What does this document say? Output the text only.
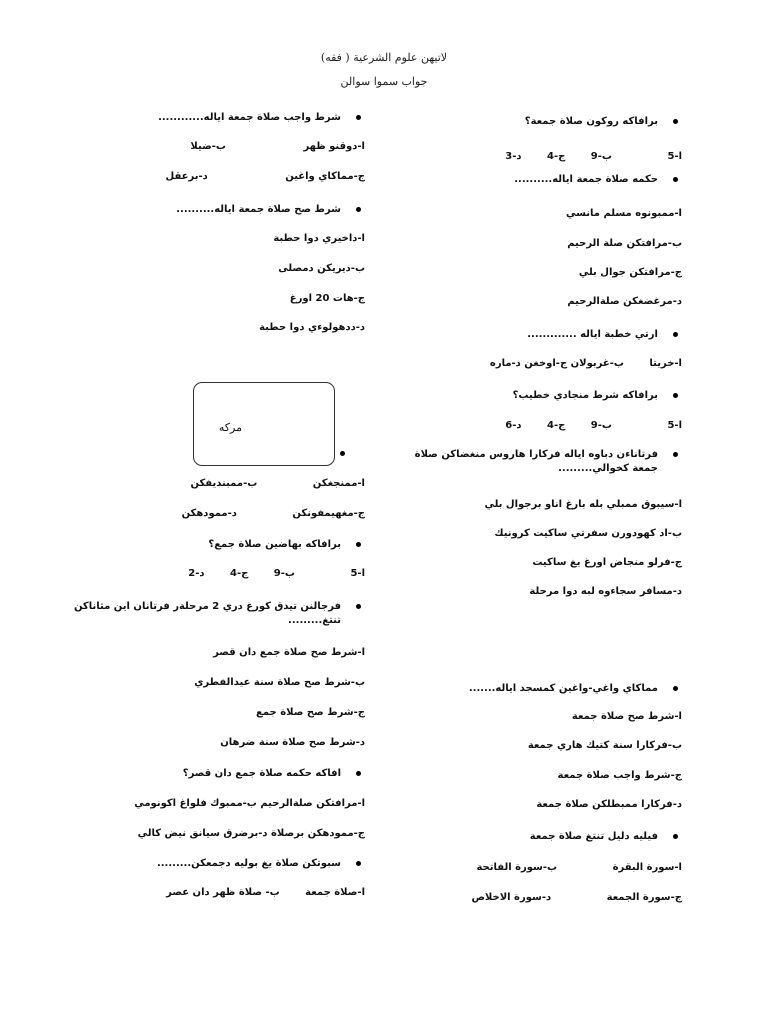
لاتيهن علوم الشرعية ( فقه)
جواب سموا سوالن
برافاكه روكون صلاة جمعة؟
ا-5 ب-9 ج-4 د-3
حكمه صلاة جمعة اياله..........
ا-ممبونوه مسلم مانسي
ب-مرافتكن صلة الرحيم
ج-مرافتكن جوال بلي
د-مرغضغكن صلةالرحيم
ارتي خطبة اياله .............
ا-خريتا ب-غربولان ج-اوخغن د-ماره
برافاكه شرط منجادي خطيب؟
ا-5 ب-9 ج-4 د-6
فرتاناءن دباوه اياله فركارا هاروس منغضاكن صلاة
جمعة كخوالي.........
ا-سيبوق ممبلي بله بارغ اناو برجوال بلي
ب-اد كهودورن سفرتي ساكيت كرونيك
ج-فرلو منجاض اورغ يغ ساكيت
د-مسافر سجاءوه لبه دوا مرحلة
مماكاي واغي-واغين كمسجد اياله.......
ا-شرط صح صلاة جمعة
ب-فركارا سنة كتيك هاري جمعة
ج-شرط واجب صلاة جمعة
د-فركارا ممبطلكن صلاة جمعة
فيليه دليل تنتغ صلاة جمعة
ا-سورة البقرة ب-سورة الفاتحة
ج-سورة الجمعة د-سورة الاخلاص
شرط واجب صلاة جمعة اياله............
ا-دوقنو ظهر ب-ضيلا
ج-مماكاي واغين د-برعقل
شرط صح صلاة جمعة اياله..........
ا-داخيري دوا حطبة
ب-ديريكن دمصلى
ج-هات 20 اورغ
د-ددهولوءي دوا حطبة
ا-ممنجغكن ب-ممبنديفكن
ج-مغهيمفونكن د-ممودهكن
برافاكه بهاضين صلاة جمع؟
ا-5 ب-9 ج-4 د-2
فرجالنن تيدق كورغ دري 2 مرحلةر فرتانان اين مثاناكن
تنتغ.........
ا-شرط صح صلاة جمع دان قصر
ب-شرط صح صلاة سنة عيدالفطري
ج-شرط صح صلاة جمع
د-شرط صح صلاة سنة ضرهان
افاكه حكمه صلاة جمع دان قصر؟
ا-مرافتكن صلةالرحيم ب-ممبوك فلواغ اكونومي
ج-ممودهكن برصلاة د-برضرق سيانق نيض كالي
سبوتكن صلاة يغ بوليه دجمعكن.........
ا-صلاة جمعة ب- صلاة ظهر دان عصر
مركه
